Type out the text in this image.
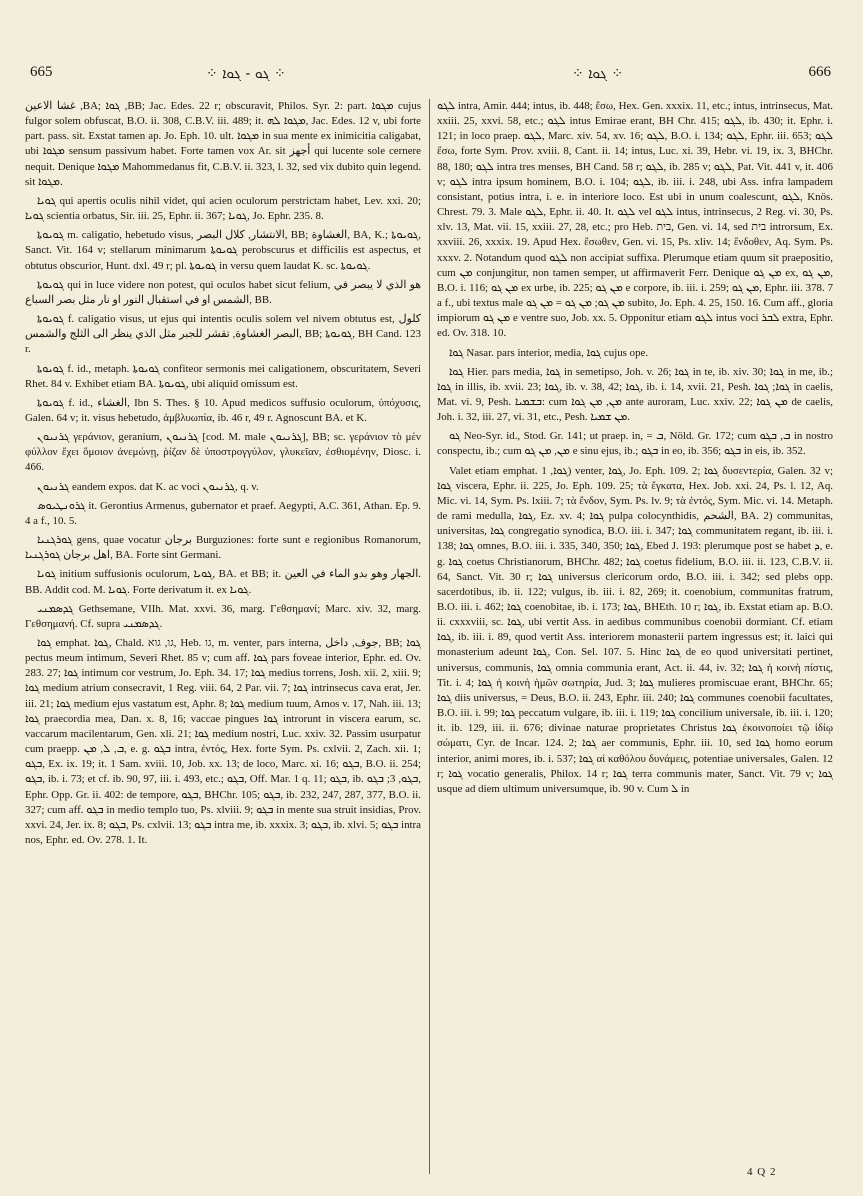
665	⁘ ܓܘ - ܓܘܐ ⁘	⁘ ܓܘܐ ⁘	666

غشا الاعين ,BA; ܓܘܐ ,BB; Jac. Edes. 22 r; obscuravit, Philos. Syr. 2: part. ܡܓܘܐ cujus fulgor solem obfuscat, B.O. ii. 308, C.B.V. iii. 489; it. ܡܓܘܐ ܠܗ, Jac. Edes. 12 v, ubi forte part. pass. sit. Exstat tamen ap. Jo. Eph. 10. ult. ܡܓܘܐ in sua mente ex inimicitia caligabat, ubi ܡܓܘܐ sensum passivum habet. Forte tamen vox Ar. sit أجهز qui lucente sole cernere nequit. Denique ܡܓܘܐ Mahommedanus fit, C.B.V. ii. 323, l. 32, sed vix dubito quin legend. sit ܡܓܘܐ.

ܓܘܝܐ qui apertis oculis nihil videt, qui acien oculorum perstrictam habet, Lev. xxi. 20; ܓܘܝܐ scientia orbatus, Sir. iii. 25, Ephr. ii. 367; ܓܘܝܐ, Jo. Ephr. 235. 8.

ܓܘܝܘܬܐ m. caligatio, hebetudo visus, الانتشار, كلال البصر, BB; الغشاوة, BA, K.; ܓܘܝܘܬܐ, Sanct. Vit. 164 v; stellarum minimarum ܓܘܝܘܬܐ perobscurus et difficilis est aspectus, et obtutus obscurior, Hunt. dxl. 49 r; pl. ܓܘܝܘܬܐ in versu quem laudat K. sc. ܓܘܝܘܬܐ.

ܓܘܝܘܬܐ qui in luce videre non potest, qui oculos habet sicut felium, هو الذي لا يبصر في الشمس او في استقبال النور او نار مثل بصر السباع, BB.

ܓܘܝܘܬܐ f. caligatio visus, ut ejus qui intentis oculis solem vel nivem obtutus est, كلول البصر الغشاوة, تقشر للجبر مثل الذي ينظر الى الثلج والشمس, BB; ܓܘܝܘܬܐ, BH Cand. 123 r.

ܓܘܝܘܬܐ f. id., metaph. ܓܘܝܘܬܐ confiteor sermonis mei caligationem, obscuritatem, Severi Rhet. 84 v. Exhibet etiam BA. ܓܘܝܘܬܐ, ubi aliquid omissum est.

ܓܘܝܘܬܐ f. id., الغشاء, Ibn S. Thes. § 10. Apud medicos suffusio oculorum, ὑπόχυσις, Galen. 64 v; it. visus hebetudo, ἀμβλυωπία, ib. 46 r, 49 r. Agnoscunt BA. et K.

ܓܪܢܝܘܢ γεράνιον, geranium, ܓܪܢܝܘܢ [cod. M. male ܓܪܢܝܘܢ], BB; sc. γεράνιον τὸ μὲν φύλλον ἔχει ὅμοιον ἀνεμώνῃ, ῥίζαν δὲ ὑποστρογγύλον, γλυκεῖαν, ἐσθιομένην, Diosc. i. 466.

ܓܪܢܝܘܢ eandem expos. dat K. ac voci ܓܪܢܝܘܢ, q. v.

ܓܪܘܢܛܝܘܣ it. Gerontius Armenus, gubernator et praef. Aegypti, A.C. 361, Athan. Ep. 9. 4 a f., 10. 5.

ܓܘܪܓܢܝܐ gens, quae vocatur برجان Burguziones: forte sunt e regionibus Romanorum, اهل برجان ܓܘܪܓܢܝܐ, BA. Forte sint Germani.

ܓܘܝܐ initium suffusionis oculorum, ܓܘܝܐ, BA. et BB; it. الجهار وهو بدو الماء في العين. BB. Addit cod. M. ܓܘܝܐ. Forte derivatum it. ex ܓܘܝܐ.

ܓܕܣܡܢܝ Gethsemane, VIIh. Mat. xxvi. 36, marg. Γεθσημανί; Marc. xiv. 32, marg. Γεθσημανή. Cf. supra ܓܕܣܡܢܝ.

ܓܘܐ emphat. ܓܘܐ, Chald. גו, גוא, Heb. גו, m. venter, pars interna, جوف, داخل, BB; ܓܘܐ pectus meum intimum, Severi Rhet. 85 v; cum aff. ܓܘܐ pars foveae interior, Ephr. ed. Ov. 283. 27; ܓܘܐ intimum cor vestrum, Jo. Eph. 34. 17; ܓܘܐ medius torrens, Josh. xii. 2, xiii. 9; ܓܘܐ medium atrium consecravit, 1 Reg. viii. 64, 2 Par. vii. 7; ܓܘܐ intrinsecus cava erat, Jer. iii. 21; ܓܘܐ medium ejus vastatum est, Aphr. 8; ܓܘܐ medium tuum, Amos v. 17, Nah. iii. 13; ܓܘܐ praecordia mea, Dan. x. 8, 16; vaccae pingues ܓܘܐ introrunt in viscera earum, sc. vaccarum macilentarum, Gen. xli. 21; ܓܘܐ medium nostri, Luc. xxiv. 32. Passim usurpatur cum praepp. ܒ, ܠ, ܡܢ, e. g. ܒܓܘ intra, ἐντός, Hex. forte Sym. Ps. cxlvii. 2, Zach. xii. 1; ܒܓܘ, Ex. ix. 19; it. 1 Sam. xviii. 10, Job. xx. 13; de loco, Marc. xi. 16; ܒܓܘ, B.O. ii. 254; ܒܓܘ, ib. i. 73; et cf. ib. 90, 97, iii. i. 493, etc.; ܒܓܘ, Off. Mar. 1 q. 11; ܒܓܘ, ib. ܒܓܘ, 3; ܒܓܘ, Ephr. Opp. Gr. ii. 402: de tempore, ܒܓܘ, BHChr. 105; ܒܓܘ, ib. 232, 247, 287, 377, B.O. ii. 327; cum aff. ܒܓܘ in medio templo tuo, Ps. xlviii. 9; ܒܓܘ in mente sua struit insidias, Prov. xxvi. 24, Jer. ix. 8; ܒܓܘ, Ps. cxlvii. 13; ܒܓܘ intra me, ib. xxxix. 3; ܒܓܘ, ib. xlvi. 5; ܒܓܘ intra nos, Ephr. ed. Ov. 278. 1. It.

ܠܓܘ intra, Amir. 444; intus, ib. 448; ἔσω, Hex. Gen. xxxix. 11, etc.; intus, intrinsecus, Mat. xxiii. 25, xxvi. 58, etc.; ܠܓܘ intus Emirae erant, BH Chr. 415; ܠܓܘ, ib. 430; it. Ephr. i. 121; in loco praep. ܠܓܘ, Marc. xiv. 54, xv. 16; ܠܓܘ, B.O. i. 134; ܠܓܘ, Ephr. iii. 653; ܠܓܘ ἔσω, forte Sym. Prov. xviii. 8, Cant. ii. 14; intus, Luc. xi. 39, Hebr. vi. 19, ix. 3, BHChr. 88, 180; ܠܓܘ intra tres menses, BH Cand. 58 r; ܠܓܘ, ib. 285 v; ܠܓܘ, Pat. Vit. 441 v, it. 406 v; ܠܓܘ intra ipsum hominem, B.O. i. 104; ܠܓܘ, ib. iii. i. 248, ubi Ass. infra lampadem consistant, potius intra, i. e. in interiore loco. Est ubi in unum coalescunt, ܠܓܘ, Knös. Chrest. 79. 3. Male ܠܓܘ, Ephr. ii. 40. It. ܠܓܘ vel ܠܓܘ intus, intrinsecus, 2 Reg. vi. 30, Ps. xlv. 13, Mat. vii. 15, xxiii. 27, 28, etc.; pro Heb. בית, Gen. vi. 14, sed בית introrsum, Ex. xxviii. 26, xxxix. 19. Apud Hex. ἔσωθεν, Gen. vi. 15, Ps. xliv. 14; ἔνδοθεν, Aq. Sym. Ps. xxxv. 2. Notandum quod ܠܓܘ non accipiat suffixa. Plerumque etiam quum sit praepositio, cum ܡܢ conjungitur, non tamen semper, ut affirmaverit Ferr. Denique ܡܢ ܓܘ ex, ܡܢ ܓܘ, B.O. i. 116; ܡܢ ܓܘ ex urbe, ib. 225; ܡܢ ܓܘ e corpore, ib. iii. i. 259; ܡܢ ܓܘ, Ephr. iii. 378. 7 a f., ubi textus male ܡܢ ܓܘ; ܡܢ ܓܘ = ܡܢ ܓܘ subito, Jo. Eph. 4. 25, 150. 16. Cum aff., gloria impiorum ܡܢ ܓܘ e ventre suo, Job. xx. 5. Opponitur etiam ܠܓܘ intus voci ܠܒܪ extra, Ephr. ed. Ov. 318. 10.

ܓܘܐ Nasar. pars interior, media, ܓܘܐ cujus ope.

ܓܘܐ Hier. pars media, ܓܘܐ in semetipso, Joh. v. 26; ܓܘܐ in te, ib. xiv. 30; ܓܘܐ in me, ib.; ܓܘܐ in illis, ib. xvii. 23; ܓܘܐ, ib. v. 38, 42; ܓܘܐ, ib. i. 14, xvii. 21, Pesh. ܓܘܐ; ܓܘܐ in caelis, Mat. vi. 9, Pesh. ܒܫܡܝܐ: cum ܡܢ, ܡܢ ܓܘܐ ante auroram, Luc. xxiv. 22; ܡܢ ܓܘܐ de caelis, Joh. i. 32, iii. 27, vi. 31, etc., Pesh. ܡܢ ܫܡܝܐ.

ܓܘ Neo-Syr. id., Stod. Gr. 141; ut praep. in, = ܒ, Nöld. Gr. 172; cum ܒ, ܒܓܘ in nostro conspectu, ib.; cum ܡܢ, ܡܢ ܓܘ e sinu ejus, ib.; ܒܓܘ in eo, ib. 356; ܒܓܘ in eis, ib. 352.

Valet etiam emphat. ܓܘܐ, 1) venter, ܓܘܐ, Jo. Eph. 109. 2; ܓܘܐ δυσεντερία, Galen. 32 v; ܓܘܐ viscera, Ephr. ii. 225, Jo. Eph. 109. 25; τὰ ἔγκατα, Hex. Job. xxi. 24, Ps. l. 12, Aq. Mic. vi. 14, Sym. Ps. lxiii. 7; τὰ ἔνδον, Sym. Ps. lv. 9; τὰ ἐντός, Sym. Mic. vi. 14. Metaph. de rami medulla, ܓܘܐ, Ez. xv. 4; ܓܘܐ pulpa colocynthidis, الشحم, BA. 2) communitas, universitas, ܓܘܐ congregatio synodica, B.O. iii. i. 347; ܓܘܐ communitatem regant, ib. iii. i. 138; ܓܘܐ omnes, B.O. iii. i. 335, 340, 350; ܓܘܐ, Ebed J. 193: plerumque post se habet ܕ, e. g. ܓܘܐ coetus Christianorum, BHChr. 482; ܓܘܐ coetus fidelium, B.O. iii. ii. 123, C.B.V. ii. 64, Sanct. Vit. 30 r; ܓܘܐ universus clericorum ordo, B.O. iii. i. 342; sed plebs opp. sacerdotibus, ib. ii. 122; vulgus, ib. iii. i. 82, 269; it. coenobium, communitas fratrum, B.O. iii. i. 462; ܓܘܐ coenobitae, ib. i. 173; ܓܘܐ, BHEth. 10 r; ܓܘܐ, ib. Exstat etiam ap. B.O. ii. cxxxviii, sc. ܓܘܐ, ubi vertit Ass. in aedibus communibus coenobii dormiant. Cf. etiam ܓܘܐ, ib. iii. i. 89, quod vertit Ass. interiorem monasterii partem ingressus est; it. laici qui monasterium adeunt ܓܘܐ, Con. Sel. 107. 5. Hinc ܓܘܐ de eo quod universitati pertinet, universus, communis, ܓܘܐ omnia communia erant, Act. ii. 44, iv. 32; ܓܘܐ ἡ κοινὴ πίστις, Tit. i. 4; ܓܘܐ ἡ κοινὴ ἡμῶν σωτηρία, Jud. 3; ܓܘܐ mulieres promiscuae erant, BHChr. 65; ܓܘܐ diis universus, = Deus, B.O. ii. 243, Ephr. iii. 240; ܓܘܐ communes coenobii facultates, B.O. iii. i. 99; ܓܘܐ peccatum vulgare, ib. iii. i. 119; ܓܘܐ concilium universale, ib. iii. i. 120; it. ib. 129, iii. ii. 676; divinae naturae proprietates Christus ܓܘܐ ἐκοινοποίει τῷ ἰδίῳ σώματι, Cyr. de Incar. 124. 2; ܓܘܐ aer communis, Ephr. iii. 10, sed ܓܘܐ homo eorum interior, animi mores, ib. i. 537; ܓܘܐ αἱ καθόλου δυνάμεις, potentiae universales, Galen. 12 r; ܓܘܐ vocatio generalis, Philox. 14 r; ܓܘܐ terra communis mater, Sanct. Vit. 79 v; ܓܘܐ usque ad diem ultimum universumque, ib. 90 v. Cum ܠ in

4 Q 2
